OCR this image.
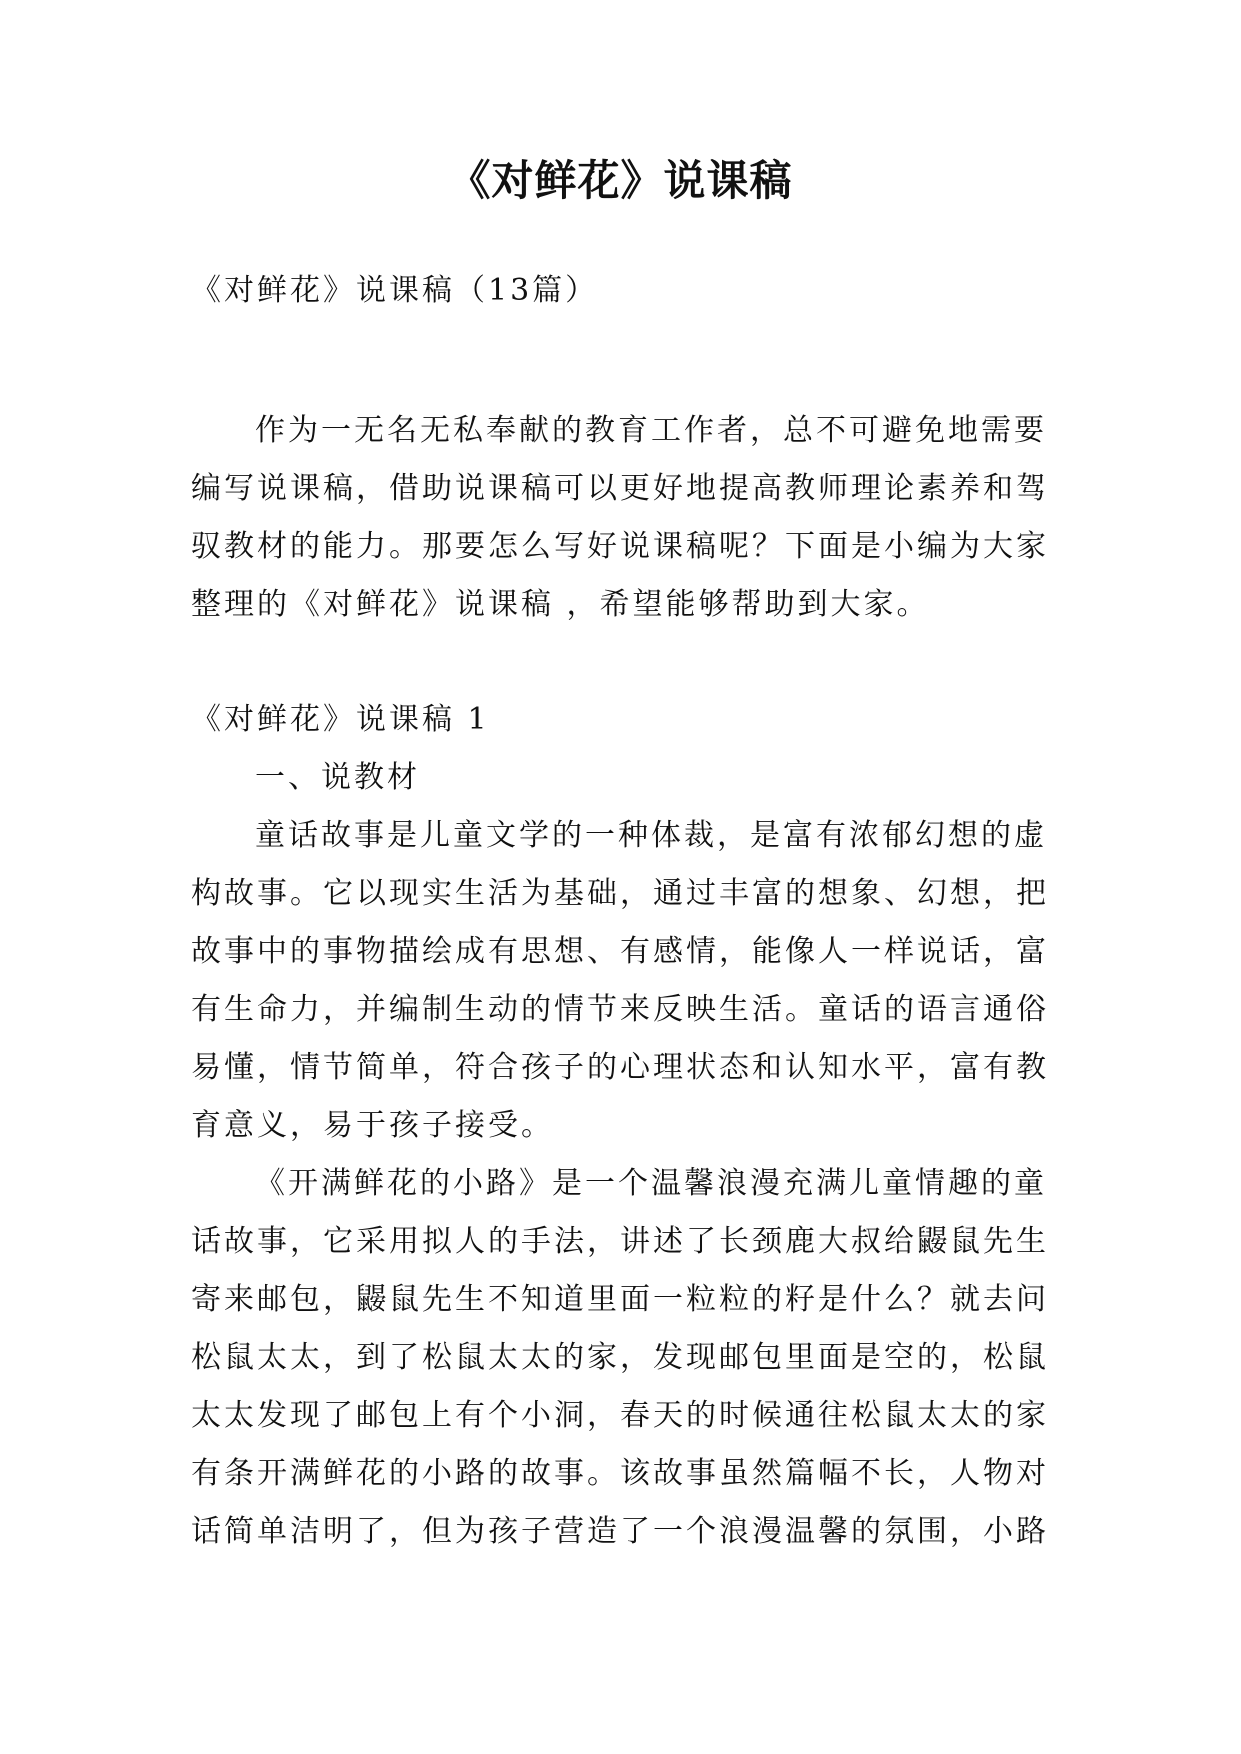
《对鲜花》说课稿
《对鲜花》说课稿（13篇）

作为一无名无私奉献的教育工作者，总不可避免地需要编写说课稿，借助说课稿可以更好地提高教师理论素养和驾驭教材的能力。那要怎么写好说课稿呢？下面是小编为大家整理的《对鲜花》说课稿 ，希望能够帮助到大家。

《对鲜花》说课稿 1

一、说教材

童话故事是儿童文学的一种体裁，是富有浓郁幻想的虚构故事。它以现实生活为基础，通过丰富的想象、幻想，把故事中的事物描绘成有思想、有感情，能像人一样说话，富有生命力，并编制生动的情节来反映生活。童话的语言通俗易懂，情节简单，符合孩子的心理状态和认知水平，富有教育意义，易于孩子接受。

《开满鲜花的小路》是一个温馨浪漫充满儿童情趣的童话故事，它采用拟人的手法，讲述了长颈鹿大叔给鼹鼠先生寄来邮包，鼹鼠先生不知道里面一粒粒的籽是什么？就去问松鼠太太，到了松鼠太太的家，发现邮包里面是空的，松鼠太太发现了邮包上有个小洞，春天的时候通往松鼠太太的家有条开满鲜花的小路的故事。该故事虽然篇幅不长，人物对话简单洁明了，但为孩子营造了一个浪漫温馨的氛围，小路
